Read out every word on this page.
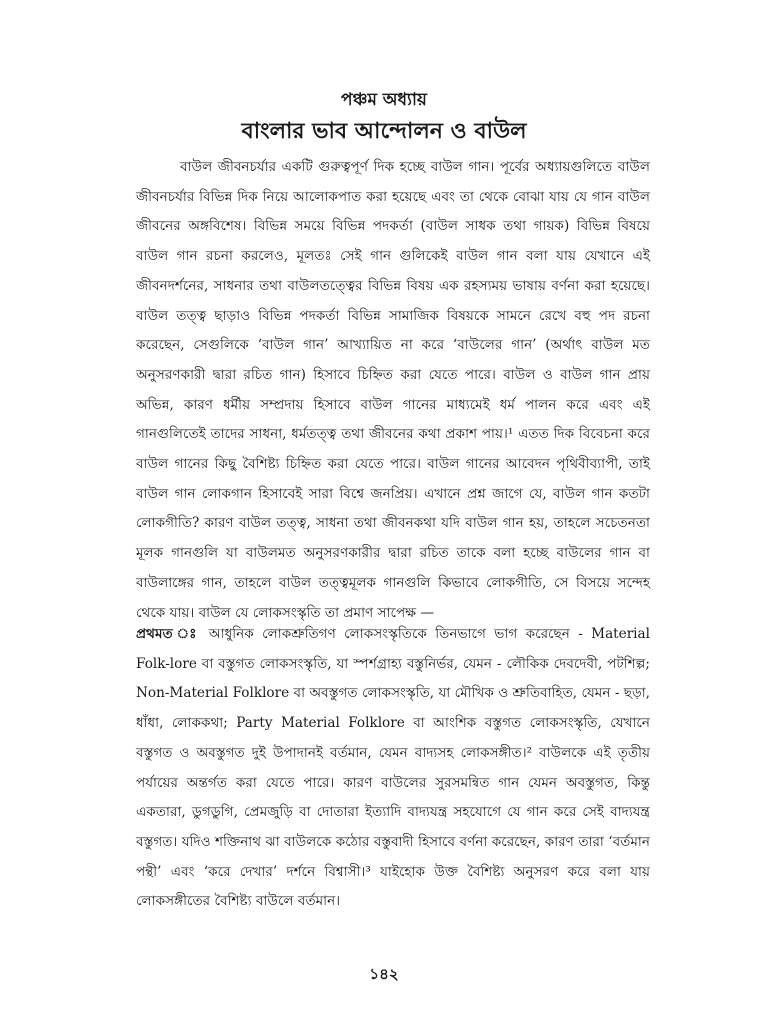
পঞ্চম অধ্যায়
বাংলার ভাব আন্দোলন ও বাউল
বাউল জীবনচর্যার একটি গুরুত্বপূর্ণ দিক হচ্ছে বাউল গান। পূর্বের অধ্যায়গুলিতে বাউল জীবনচর্যার বিভিন্ন দিক নিয়ে আলোকপাত করা হয়েছে এবং তা থেকে বোঝা যায় যে গান বাউল জীবনের অঙ্গবিশেষ। বিভিন্ন সময়ে বিভিন্ন পদকর্তা (বাউল সাধক তথা গায়ক) বিভিন্ন বিষয়ে বাউল গান রচনা করলেও, মূলতঃ সেই গান গুলিকেই বাউল গান বলা যায় যেখানে এই জীবনদর্শনের, সাধনার তথা বাউলতত্ত্বের বিভিন্ন বিষয় এক রহস্যময় ভাষায় বর্ণনা করা হয়েছে। বাউল তত্ত্ব ছাড়াও বিভিন্ন পদকর্তা বিভিন্ন সামাজিক বিষয়কে সামনে রেখে বহু পদ রচনা করেছেন, সেগুলিকে ‘বাউল গান’ আখ্যায়িত না করে ‘বাউলের গান’ (অর্থাৎ বাউল মত অনুসরণকারী দ্বারা রচিত গান) হিসাবে চিহ্নিত করা যেতে পারে। বাউল ও বাউল গান প্রায় অভিন্ন, কারণ ধর্মীয় সম্প্রদায় হিসাবে বাউল গানের মাধ্যমেই ধর্ম পালন করে এবং এই গানগুলিতেই তাদের সাধনা, ধর্মতত্ত্ব তথা জীবনের কথা প্রকাশ পায়।¹ এতত দিক বিবেচনা করে বাউল গানের কিছু বৈশিষ্ট্য চিহ্নিত করা যেতে পারে। বাউল গানের আবেদন পৃথিবীব্যাপী, তাই বাউল গান লোকগান হিসাবেই সারা বিশ্বে জনপ্রিয়। এখানে প্রশ্ন জাগে যে, বাউল গান কতটা লোকগীতি? কারণ বাউল তত্ত্ব, সাধনা তথা জীবনকথা যদি বাউল গান হয়, তাহলে সচেতনতা মূলক গানগুলি যা বাউলমত অনুসরণকারীর দ্বারা রচিত তাকে বলা হচ্ছে বাউলের গান বা বাউলাঙ্গের গান, তাহলে বাউল তত্ত্বমূলক গানগুলি কিভাবে লোকগীতি, সে বিসয়ে সন্দেহ থেকে যায়। বাউল যে লোকসংস্কৃতি তা প্রমাণ সাপেক্ষ —
প্রথমত ঃ আধুনিক লোকশ্রুতিগণ লোকসংস্কৃতিকে তিনভাগে ভাগ করেছেন - Material Folk-lore বা বস্তুগত লোকসংস্কৃতি, যা স্পর্শগ্রাহ্য বস্তুনির্ভর, যেমন - লৌকিক দেবদেবী, পটশিল্প; Non-Material Folklore বা অবস্তুগত লোকসংস্কৃতি, যা মৌখিক ও শ্রুতিবাহিত, যেমন - ছড়া, ধাঁধা, লোককথা; Party Material Folklore বা আংশিক বস্তুগত লোকসংস্কৃতি, যেখানে বস্তুগত ও অবস্তুগত দুই উপাদানই বর্তমান, যেমন বাদ্যসহ লোকসঙ্গীত।² বাউলকে এই তৃতীয় পর্যায়ের অন্তর্গত করা যেতে পারে। কারণ বাউলের সুরসমন্বিত গান যেমন অবস্তুগত, কিন্তু একতারা, ডুগডুগি, প্রেমজুড়ি বা দোতারা ইত্যাদি বাদ্যযন্ত্র সহযোগে যে গান করে সেই বাদ্যযন্ত্র বস্তুগত। যদিও শক্তিনাথ ঝা বাউলকে কঠোর বস্তুবাদী হিসাবে বর্ণনা করেছেন, কারণ তারা ‘বর্তমান পন্থী’ এবং ‘করে দেখার’ দর্শনে বিশ্বাসী।³ যাইহোক উক্ত বৈশিষ্ট্য অনুসরণ করে বলা যায় লোকসঙ্গীতের বৈশিষ্ট্য বাউলে বর্তমান।
১৪২
